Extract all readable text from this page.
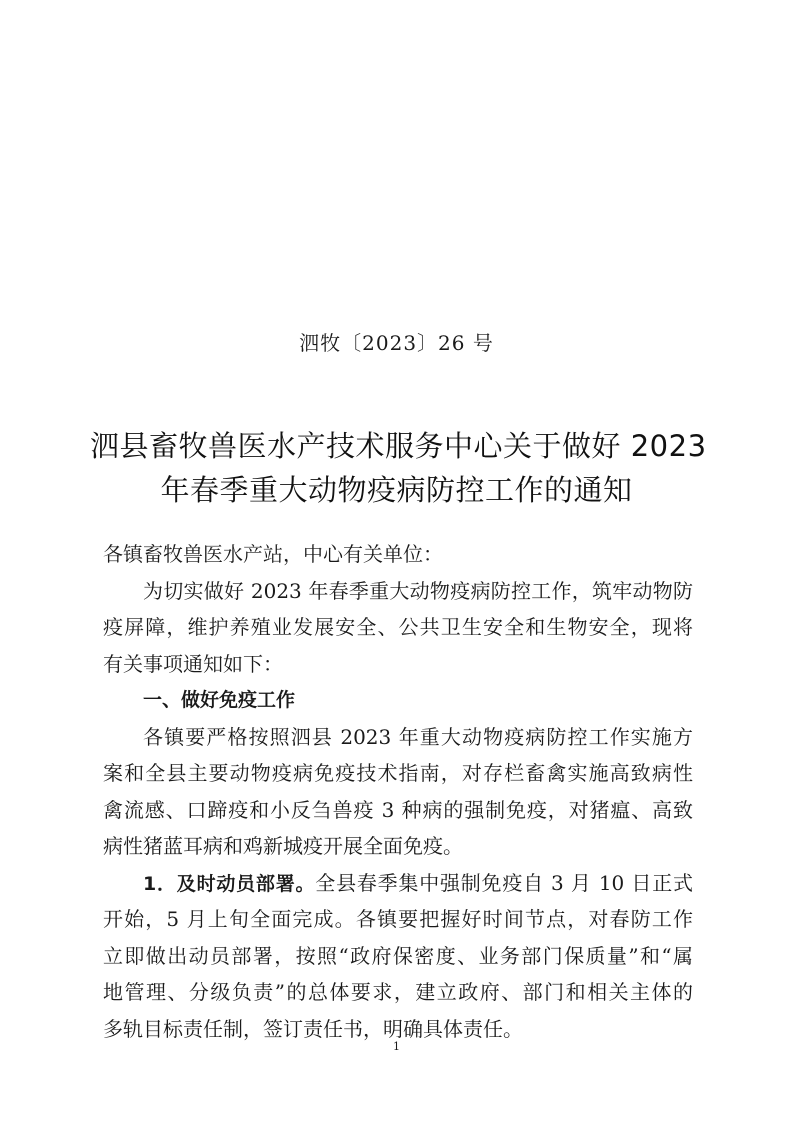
泗牧〔2023〕26 号
泗县畜牧兽医水产技术服务中心关于做好 2023
年春季重大动物疫病防控工作的通知
各镇畜牧兽医水产站，中心有关单位：
为切实做好 2023 年春季重大动物疫病防控工作，筑牢动物防
疫屏障，维护养殖业发展安全、公共卫生安全和生物安全，现将
有关事项通知如下：
一、做好免疫工作
各镇要严格按照泗县 2023 年重大动物疫病防控工作实施方
案和全县主要动物疫病免疫技术指南，对存栏畜禽实施高致病性
禽流感、口蹄疫和小反刍兽疫 3 种病的强制免疫，对猪瘟、高致
病性猪蓝耳病和鸡新城疫开展全面免疫。
1．及时动员部署。全县春季集中强制免疫自 3 月 10 日正式
开始，5 月上旬全面完成。各镇要把握好时间节点，对春防工作
立即做出动员部署，按照“政府保密度、业务部门保质量”和“属
地管理、分级负责”的总体要求，建立政府、部门和相关主体的
多轨目标责任制，签订责任书，明确具体责任。
1
